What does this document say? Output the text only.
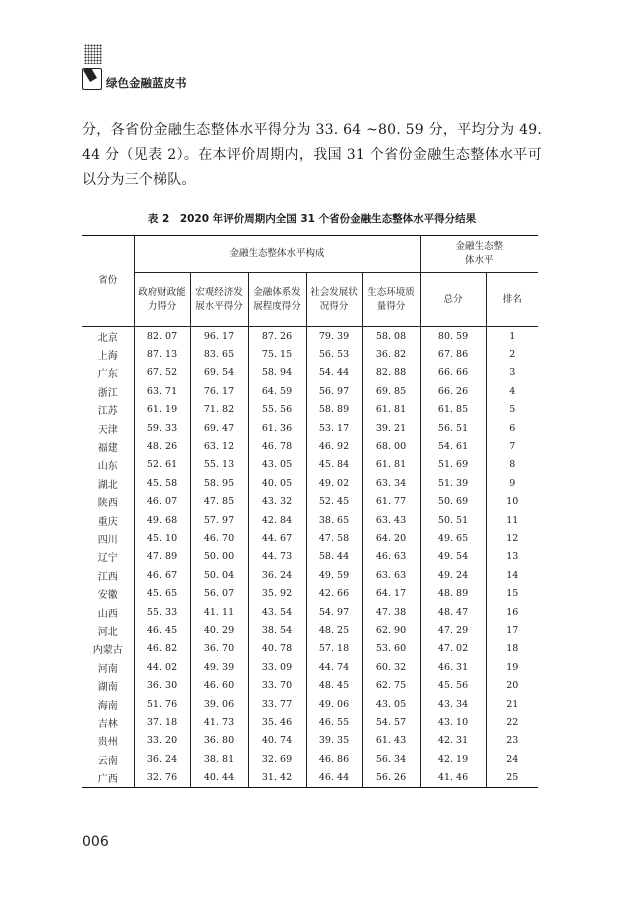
绿色金融蓝皮书

分，各省份金融生态整体水平得分为 33. 64 ~80. 59 分，平均分为 49. 44 分（见表 2）。在本评价周期内，我国 31 个省份金融生态整体水平可以分为三个梯队。

表 2　2020 年评价周期内全国 31 个省份金融生态整体水平得分结果
省份	金融生态整体水平构成					金融生态整体水平	
	政府财政能力得分	宏观经济发展水平得分	金融体系发展程度得分	社会发展状况得分	生态环境质量得分	总分	排名
北京	82. 07	96. 17	87. 26	79. 39	58. 08	80. 59	1
上海	87. 13	83. 65	75. 15	56. 53	36. 82	67. 86	2
广东	67. 52	69. 54	58. 94	54. 44	82. 88	66. 66	3
浙江	63. 71	76. 17	64. 59	56. 97	69. 85	66. 26	4
江苏	61. 19	71. 82	55. 56	58. 89	61. 81	61. 85	5
天津	59. 33	69. 47	61. 36	53. 17	39. 21	56. 51	6
福建	48. 26	63. 12	46. 78	46. 92	68. 00	54. 61	7
山东	52. 61	55. 13	43. 05	45. 84	61. 81	51. 69	8
湖北	45. 58	58. 95	40. 05	49. 02	63. 34	51. 39	9
陕西	46. 07	47. 85	43. 32	52. 45	61. 77	50. 69	10
重庆	49. 68	57. 97	42. 84	38. 65	63. 43	50. 51	11
四川	45. 10	46. 70	44. 67	47. 58	64. 20	49. 65	12
辽宁	47. 89	50. 00	44. 73	58. 44	46. 63	49. 54	13
江西	46. 67	50. 04	36. 24	49. 59	63. 63	49. 24	14
安徽	45. 65	56. 07	35. 92	42. 66	64. 17	48. 89	15
山西	55. 33	41. 11	43. 54	54. 97	47. 38	48. 47	16
河北	46. 45	40. 29	38. 54	48. 25	62. 90	47. 29	17
内蒙古	46. 82	36. 70	40. 78	57. 18	53. 60	47. 02	18
河南	44. 02	49. 39	33. 09	44. 74	60. 32	46. 31	19
湖南	36. 30	46. 60	33. 70	48. 45	62. 75	45. 56	20
海南	51. 76	39. 06	33. 77	49. 06	43. 05	43. 34	21
吉林	37. 18	41. 73	35. 46	46. 55	54. 57	43. 10	22
贵州	33. 20	36. 80	40. 74	39. 35	61. 43	42. 31	23
云南	36. 24	38. 81	32. 69	46. 86	56. 34	42. 19	24
广西	32. 76	40. 44	31. 42	46. 44	56. 26	41. 46	25
006
